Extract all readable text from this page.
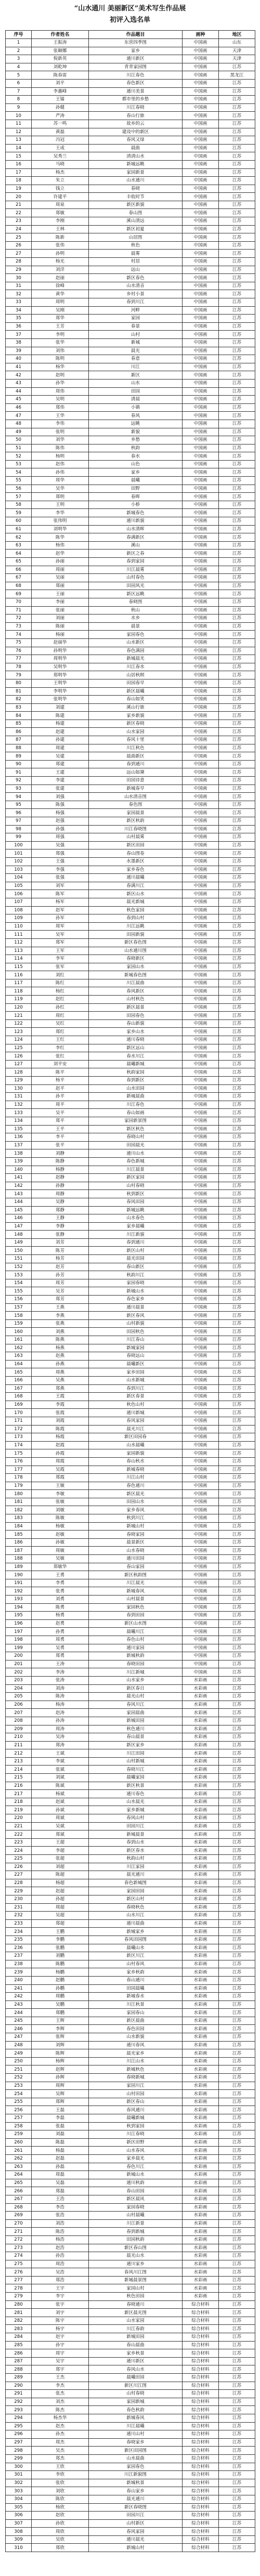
“山水通川 美丽新区”美术写生作品展
初评入选名单
序号	作者姓名	作品题目	画种	地区
1	王振涛	东营四季图	中国画	山东
2	张颐娜	家乡	中国画	天津
3	倪新英	通川新区	中国画	天津
4	刘乾坤	青青家园图	中国画	江苏
5	陈春雷	川江春色	中国画	黑龙江
6	刘平	春色新区	中国画	江苏
7	李惠峰	通川美景	中国画	江苏
8	王镭	都市里的乡愁	中国画	江苏
9	孙健	川江春晓	中国画	江苏
10	严涛	春山行旅	中国画	江苏
11	苏一鸣	故乡的云	中国画	江苏
12	黄磊	建设中的新区	中国画	江苏
13	冯冠	春风又绿	中国画	江苏
14	王成	晨曲	中国画	江苏
15	吴秀兰	清清山水	中国画	江苏
16	马晓	新城远眺	中国画	江苏
17	杨杰	家园新景	中国画	江苏
18	朱立	山水通川	中国画	江苏
19	钱立	春晓	中国画	江苏
20	许建平	丰收时节	中国画	江苏
21	周泉	新区新貌	中国画	江苏
22	郑敏	春山图	中国画	江苏
23	李刚	溪山清远	中国画	江苏
24	王林	新区初夏	中国画	江苏
25	陈新	山居图	中国画	江苏
26	张伟	秋色	中国画	江苏
27	孙明	晨雾	中国画	江苏
28	杨光	村居	中国画	江苏
29	刘洋	远山	中国画	江苏
30	赵丽	新区春色	中国画	江苏
31	徐峰	山水清音	中国画	江苏
32	黄华	乡村小景	中国画	江苏
33	周明	春到川江	中国画	江苏
34	吴刚	河畔	中国画	江苏
35	郑华	家园	中国画	江苏
36	王芳	春景	中国画	江苏
37	李明	山村	中国画	江苏
38	张华	新城	中国画	江苏
39	刘伟	晨光	中国画	江苏
40	陈明	春意	中国画	江苏
41	杨华	川江	中国画	江苏
42	赵明	新区	中国画	江苏
43	孙华	山水	中国画	江苏
44	周伟	田园	中国画	江苏
45	吴明	清晨	中国画	江苏
46	郑伟	小镇	中国画	江苏
47	王华	春风	中国画	江苏
48	李伟	远眺	中国画	江苏
49	张明	新貌	中国画	江苏
50	刘华	乡愁	中国画	江苏
51	陈伟	秋韵	中国画	江苏
52	杨明	春水	中国画	江苏
53	赵伟	山色	中国画	江苏
54	孙伟	家乡	中国画	江苏
55	周华	晨曦	中国画	江苏
56	吴华	田野	中国画	江苏
57	郑明	春晖	中国画	江苏
58	王明	小桥	中国画	江苏
59	李华	新城春色	中国画	江苏
60	张伟明	通川新貌	中国画	江苏
61	刘明华	山水清晖	中国画	江苏
62	陈华	春满新区	中国画	江苏
63	杨伟	溪山	中国画	江苏
64	赵华	新区之春	中国画	江苏
65	孙丽	春到家园	中国画	江苏
66	周丽	川江晨雾	中国画	江苏
67	吴丽	山村春色	中国画	江苏
68	郑丽	田园风光	中国画	江苏
69	王丽	新区远眺	中国画	江苏
70	李丽	春晓图	中国画	江苏
71	张丽	秋山	中国画	江苏
72	刘丽	水乡	中国画	江苏
73	陈丽	晨景	中国画	江苏
74	杨丽	家园春色	中国画	江苏
75	赵丽华	山水新区	中国画	江苏
76	孙明华	春色满园	中国画	江苏
77	周明华	新城晨光	中国画	江苏
78	吴明华	川江春水	中国画	江苏
79	郑明华	山居秋暝	中国画	江苏
80	王明华	田园春早	中国画	江苏
81	李明华	新区晨曦	中国画	江苏
82	张明华	春山如笑	中国画	江苏
83	刘建	溪山行旅	中国画	江苏
84	陈建	家乡新貌	中国画	江苏
85	杨建	新区春晓	中国画	江苏
86	赵建	山水家园	中国画	江苏
87	孙建	春风十里	中国画	江苏
88	周建	川江秋色	中国画	江苏
89	吴建	晨曲新区	中国画	江苏
90	郑建	春到通川	中国画	江苏
91	王建	远山如黛	中国画	江苏
92	李建	田园诗意	中国画	江苏
93	张建	新城春早	中国画	江苏
94	刘强	山水清音图	中国画	江苏
95	陈强	春色图	中国画	江苏
96	杨强	家园晨景	中国画	江苏
97	赵强	新区秋韵	中国画	江苏
98	孙强	川江春晓图	中国画	江苏
99	周强	山村晨雾	中国画	江苏
100	吴强	新区田园	中国画	江苏
101	郑强	春山图卷	中国画	江苏
102	王强	水墨新区	中国画	江苏
103	李强	家乡春色	中国画	江苏
104	张强	通川晨曦	中国画	江苏
105	刘军	春满川江	中国画	江苏
106	陈军	新区山水	中国画	江苏
107	杨军	晨光新城	中国画	江苏
108	赵军	秋色家园	中国画	江苏
109	孙军	春到山村	中国画	江苏
110	周军	川江远眺	中国画	江苏
111	吴军	田园新貌	中国画	江苏
112	郑军	新区春色图	中国画	江苏
113	王军	山水通川图	中国画	江苏
114	李军	春晓新区	中国画	江苏
115	张军	家园山水	中国画	江苏
116	刘红	新城春色图	中国画	江苏
117	陈红	川江晨曲	中国画	江苏
118	杨红	春风新区	中国画	江苏
119	赵红	山村秋色	中国画	江苏
120	孙红	新区晨景	中国画	江苏
121	周红	田园春色	中国画	江苏
122	吴红	春山新貌	中国画	江苏
123	郑红	家乡山水	中国画	江苏
124	王红	通川春晓	中国画	江苏
125	李红	新区远山	中国画	江苏
126	张红	春水川江	中国画	江苏
127	刘平安	晨曦新城	中国画	江苏
128	陈平	秋韵家园	中国画	江苏
129	杨平	春到新区	中国画	江苏
130	赵平	山水田园	中国画	江苏
131	孙平	新城晨曲	中国画	江苏
132	周平	川江春色	中国画	江苏
133	吴平	春山如画	中国画	江苏
134	郑平	家园新景图	中国画	江苏
135	王平	新区秋色	中国画	江苏
136	李平	春晓山村	中国画	江苏
137	张平	田园晨光	中国画	江苏
138	刘静	通川山水	中国画	江苏
139	陈静	春色新城	中国画	江苏
140	杨静	川江晨景	中国画	江苏
141	赵静	新区家园	中国画	江苏
142	孙静	山村春晓	中国画	江苏
143	周静	秋到新区	中国画	江苏
144	吴静	春风田园	中国画	江苏
145	郑静	新城远眺	中国画	江苏
146	王静	山水春色	中国画	江苏
147	李静	家乡晨曦	中国画	江苏
148	张静	川江新貌	中国画	江苏
149	刘芳	春到通川	中国画	江苏
150	陈芳	新区山村	中国画	江苏
151	杨芳	晨光田园	中国画	江苏
152	赵芳	春山新区	中国画	江苏
153	孙芳	秋韵川江	中国画	江苏
154	周芳	家园春晓	中国画	江苏
155	吴芳	新城山水	中国画	江苏
156	郑芳	春色家乡	中国画	江苏
157	王燕	通川晨景	中国画	江苏
158	李燕	新区春风	中国画	江苏
159	张燕	山村新貌	中国画	江苏
160	刘燕	田园秋色	中国画	江苏
161	陈燕	川江春山	中国画	江苏
162	杨燕	新城家园	中国画	江苏
163	赵燕	春晓远山	中国画	江苏
164	孙燕	晨曦新区	中国画	江苏
165	周燕	家乡田园	中国画	江苏
166	吴燕	山水新城	中国画	江苏
167	郑燕	春到川江	中国画	江苏
168	王霞	新区春景	中国画	江苏
169	李霞	秋色山村	中国画	江苏
170	张霞	通川新城	中国画	江苏
171	刘霞	春风家园	中国画	江苏
172	陈霞	晨光川江	中国画	江苏
173	杨霞	新区田园春	中国画	江苏
174	赵霞	山水晨曦	中国画	江苏
175	孙霞	家园新貌	中国画	江苏
176	周霞	春山秋水	中国画	江苏
177	吴霞	新城春晓	中国画	江苏
178	郑霞	川江山村	中国画	江苏
179	王敏	春色通川	中国画	江苏
180	李敏	新区晨光	中国画	江苏
181	张敏	田园山水	中国画	江苏
182	刘敏	家乡春风	中国画	江苏
183	陈敏	秋到川江	中国画	江苏
184	杨敏	新城山村	中国画	江苏
185	赵敏	春晓家园	中国画	江苏
186	孙敏	晨景新区	中国画	江苏
187	周敏	山水春晓	中国画	江苏
188	吴敏	通川田园	中国画	江苏
189	郑敏华	春山家园	中国画	江苏
190	王勇	新区秋韵图	中国画	江苏
191	李勇	川江晨光	中国画	江苏
192	张勇	新城春风	中国画	江苏
193	刘勇	山村晨景	中国画	江苏
194	陈勇	家园秋色	中国画	江苏
195	杨勇	春到田园	中国画	江苏
196	赵勇	新区山水图	中国画	江苏
197	孙勇	晨曦川江	中国画	江苏
198	周勇	春色山村	中国画	江苏
199	吴勇	通川家园	中国画	江苏
200	郑勇	新城秋韵	中国画	江苏
201	王涛	春晓田园	中国画	江苏
202	李涛	川江新城	中国画	江苏
203	张涛	山水家乡	水彩画	江苏
204	刘涛	新区春日	水彩画	江苏
205	陈涛	晨光山村	水彩画	江苏
206	杨涛	春风川江	水彩画	江苏
207	赵涛	家园晨曲	水彩画	江苏
208	孙涛	新城田园	水彩画	江苏
209	周涛	秋色通川	水彩画	江苏
210	吴涛	春山晨景	水彩画	江苏
211	郑涛	新区家乡	水彩画	江苏
212	王斌	川江田园	水彩画	江苏
213	李斌	山村新城	水彩画	江苏
214	张斌	春晓川江	水彩画	江苏
215	刘斌	晨曦家园	水彩画	江苏
216	陈斌	新区秋景	水彩画	江苏
217	杨斌	通川春色	水彩画	江苏
218	赵斌	山水晨光	水彩画	江苏
219	孙斌	家乡新城	水彩画	江苏
220	周斌	春风山村	水彩画	江苏
221	吴斌	田园川江	水彩画	江苏
222	郑斌	新城晨景	水彩画	江苏
223	王超	春到山水	水彩画	江苏
224	李超	新区春水	水彩画	江苏
225	张超	秋韵山村	水彩画	江苏
226	刘超	川江家园	水彩画	江苏
227	陈超	晨光通川	水彩画	江苏
228	杨超	春色新城图	水彩画	江苏
229	赵超	家园田园	水彩画	江苏
230	孙超	新区山村	水彩画	江苏
231	周超	春晓秋色	水彩画	江苏
232	吴超	山水川江	水彩画	江苏
233	郑超	通川晨曲	水彩画	江苏
234	王鹏	新城家乡	水彩画	江苏
235	李鹏	春风田园图	水彩画	江苏
236	张鹏	晨曦山水	水彩画	江苏
237	刘鹏	新区川江	水彩画	江苏
238	陈鹏	山村春风	水彩画	江苏
239	杨鹏	家乡秋韵	水彩画	江苏
240	赵鹏	春山通川	水彩画	江苏
241	孙鹏	田园晨曦	水彩画	江苏
242	周鹏	新城春水	水彩画	江苏
243	吴鹏	川江秋景	水彩画	江苏
244	郑鹏	家园春山	水彩画	江苏
245	王辉	新区晨曲	水彩画	江苏
246	李辉	春色田园	水彩画	江苏
247	张辉	山水新貌	水彩画	江苏
248	刘辉	通川春风	水彩画	江苏
249	陈辉	晨光家乡	水彩画	江苏
250	杨辉	川江山水	水彩画	江苏
251	赵辉	新城秋色	水彩画	江苏
252	孙辉	春晓新城	水彩画	江苏
253	周辉	家园川江	水彩画	江苏
254	吴辉	山村田园	水彩画	江苏
255	郑辉	新区春山	水彩画	江苏
256	王磊	春风通川	水彩画	江苏
257	李磊	晨曦新城	水彩画	江苏
258	张磊	秋到家园	水彩画	江苏
259	刘磊	川江春晓	水彩画	江苏
260	陈磊	新区田野	水彩画	江苏
261	杨磊	山水春风	水彩画	江苏
262	赵磊	家乡晨光	水彩画	江苏
263	孙磊	春色川江	水彩画	江苏
264	周磊	新城山水	水彩画	江苏
265	吴磊	通川秋韵	水彩画	江苏
266	郑磊	春山田园	水彩画	江苏
267	王浩	新区晨风	水彩画	江苏
268	李浩	家园春晓	水彩画	江苏
269	张浩	山村晨曦	水彩画	江苏
270	刘浩	川江新景	水彩画	江苏
271	陈浩	春到新城	水彩画	江苏
272	杨浩	田园秋韵	水彩画	江苏
273	赵浩	新区春山图	水彩画	江苏
274	孙浩	晨光山水	水彩画	江苏
275	周浩	通川家乡	水彩画	江苏
276	吴浩	春风川江图	水彩画	江苏
277	郑浩	新城晨景图	水彩画	江苏
278	王宇	家园山村	水彩画	江苏
279	李宇	秋色田园	水彩画	江苏
280	张宇	春晓通川	综合材料	江苏
281	刘宇	新区晨光图	综合材料	江苏
282	陈宇	山水家园	综合材料	江苏
283	杨宇	川江春韵	综合材料	江苏
284	赵宇	新城田园	综合材料	江苏
285	孙宇	春山晨曲	综合材料	江苏
286	周宇	家乡秋景	综合材料	江苏
287	吴宇	通川新区	综合材料	江苏
288	郑宇	春风山水	综合材料	江苏
289	王杰	晨曦田园	综合材料	江苏
290	李杰	新区川江图	综合材料	江苏
291	张杰	山村春晓	综合材料	江苏
292	刘杰	家园新城	综合材料	江苏
293	陈杰	春色秋韵	综合材料	江苏
294	杨杰华	新城春风	综合材料	江苏
295	赵杰	川江晨曦	综合材料	江苏
296	孙杰	通川山村	综合材料	江苏
297	周杰	春晓家乡	综合材料	江苏
298	吴杰	新区田园图	综合材料	江苏
299	郑杰	山水晨曲	综合材料	江苏
300	王欣	家园春色	综合材料	江苏
301	李欣	川江新貌图	综合材料	江苏
302	张欣	新城秋景	综合材料	江苏
303	刘欣	春山家乡	综合材料	江苏
304	陈欣	晨光通川	综合材料	江苏
305	杨欣	新区春晓图	综合材料	江苏
306	赵欣	田园川江	综合材料	江苏
307	孙欣	山村新区	综合材料	江苏
308	周欣	春风家园	综合材料	江苏
309	吴欣	通川晨光	综合材料	江苏
310	郑欣	新城山村	综合材料	江苏
